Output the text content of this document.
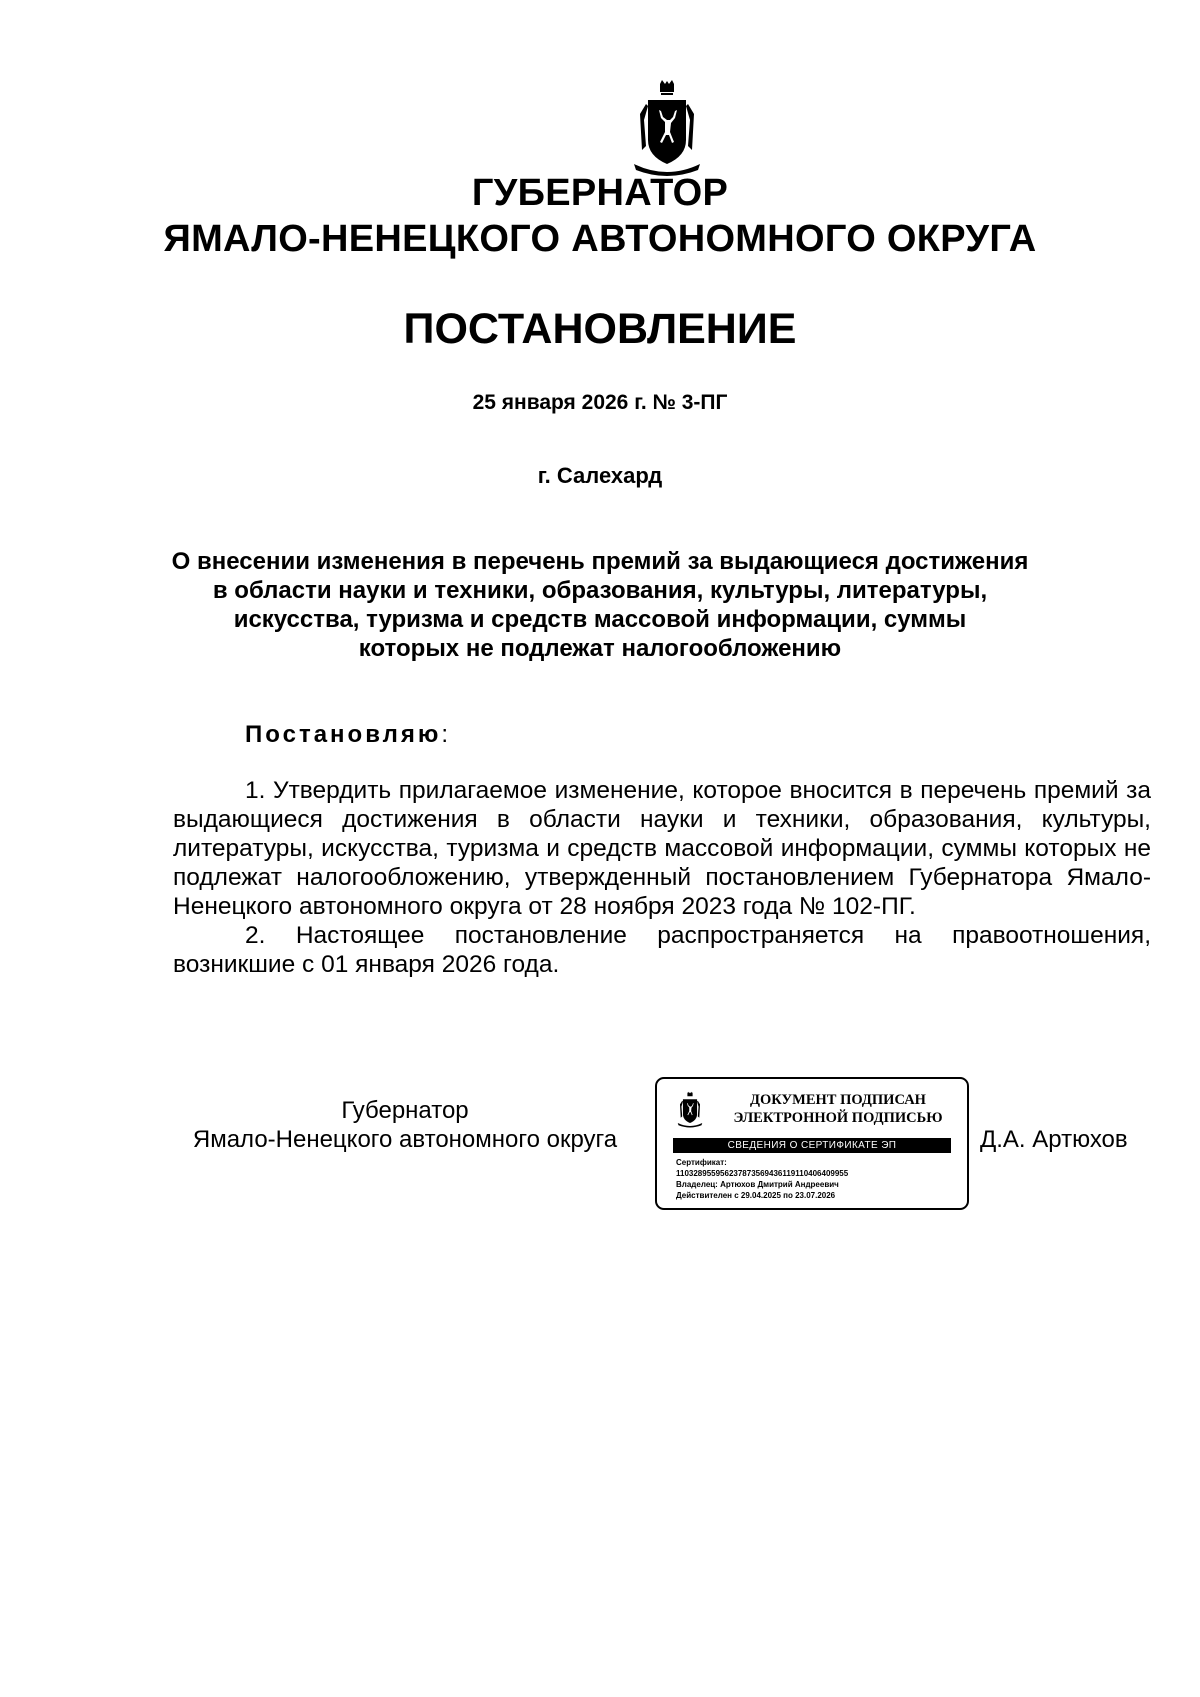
ГУБЕРНАТОР
ЯМАЛО-НЕНЕЦКОГО АВТОНОМНОГО ОКРУГА
ПОСТАНОВЛЕНИЕ
25 января 2026 г. № 3-ПГ
г. Салехард
О внесении изменения в перечень премий за выдающиеся достижения
в области науки и техники, образования, культуры, литературы,
искусства, туризма и средств массовой информации, суммы
которых не подлежат налогообложению
Постановляю:

1. Утвердить прилагаемое изменение, которое вносится в перечень премий за выдающиеся достижения в области науки и техники, образования, культуры, литературы, искусства, туризма и средств массовой информации, суммы которых не подлежат налогообложению, утвержденный постановлением Губернатора Ямало-Ненецкого автономного округа от 28 ноября 2023 года № 102-ПГ.

2. Настоящее постановление распространяется на правоотношения, возникшие с 01 января 2026 года.

Губернатор
Ямало-Ненецкого автономного округа
ДОКУМЕНТ ПОДПИСАН
ЭЛЕКТРОННОЙ ПОДПИСЬЮ
СВЕДЕНИЯ О СЕРТИФИКАТЕ ЭП
Сертификат:
110328955956237873569436119110406409955
Владелец: Артюхов Дмитрий Андреевич
Действителен с 29.04.2025 по 23.07.2026
Д.А. Артюхов
